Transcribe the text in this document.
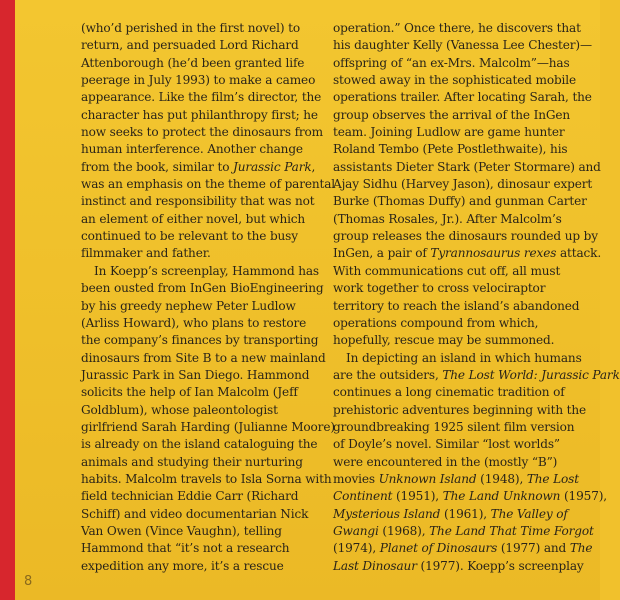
(who’d perished in the first novel) to
return, and persuaded Lord Richard
Attenborough (he’d been granted life
peerage in July 1993) to make a cameo
appearance. Like the film’s director, the
character has put philanthropy first; he
now seeks to protect the dinosaurs from
human interference. Another change
from the book, similar to Jurassic Park,
was an emphasis on the theme of parental
instinct and responsibility that was not
an element of either novel, but which
continued to be relevant to the busy
filmmaker and father.
In Koepp’s screenplay, Hammond has
been ousted from InGen BioEngineering
by his greedy nephew Peter Ludlow
(Arliss Howard), who plans to restore
the company’s finances by transporting
dinosaurs from Site B to a new mainland
Jurassic Park in San Diego. Hammond
solicits the help of Ian Malcolm (Jeff
Goldblum), whose paleontologist
girlfriend Sarah Harding (Julianne Moore)
is already on the island cataloguing the
animals and studying their nurturing
habits. Malcolm travels to Isla Sorna with
field technician Eddie Carr (Richard
Schiff) and video documentarian Nick
Van Owen (Vince Vaughn), telling
Hammond that “it’s not a research
expedition any more, it’s a rescue
operation.” Once there, he discovers that
his daughter Kelly (Vanessa Lee Chester)—
offspring of “an ex-Mrs. Malcolm”—has
stowed away in the sophisticated mobile
operations trailer. After locating Sarah, the
group observes the arrival of the InGen
team. Joining Ludlow are game hunter
Roland Tembo (Pete Postlethwaite), his
assistants Dieter Stark (Peter Stormare) and
Ajay Sidhu (Harvey Jason), dinosaur expert
Burke (Thomas Duffy) and gunman Carter
(Thomas Rosales, Jr.). After Malcolm’s
group releases the dinosaurs rounded up by
InGen, a pair of Tyrannosaurus rexes attack.
With communications cut off, all must
work together to cross velociraptor
territory to reach the island’s abandoned
operations compound from which,
hopefully, rescue may be summoned.
In depicting an island in which humans
are the outsiders, The Lost World: Jurassic Park
continues a long cinematic tradition of
prehistoric adventures beginning with the
groundbreaking 1925 silent film version
of Doyle’s novel. Similar “lost worlds”
were encountered in the (mostly “B”)
movies Unknown Island (1948), The Lost
Continent (1951), The Land Unknown (1957),
Mysterious Island (1961), The Valley of
Gwangi (1968), The Land That Time Forgot
(1974), Planet of Dinosaurs (1977) and The
Last Dinosaur (1977). Koepp’s screenplay
8
